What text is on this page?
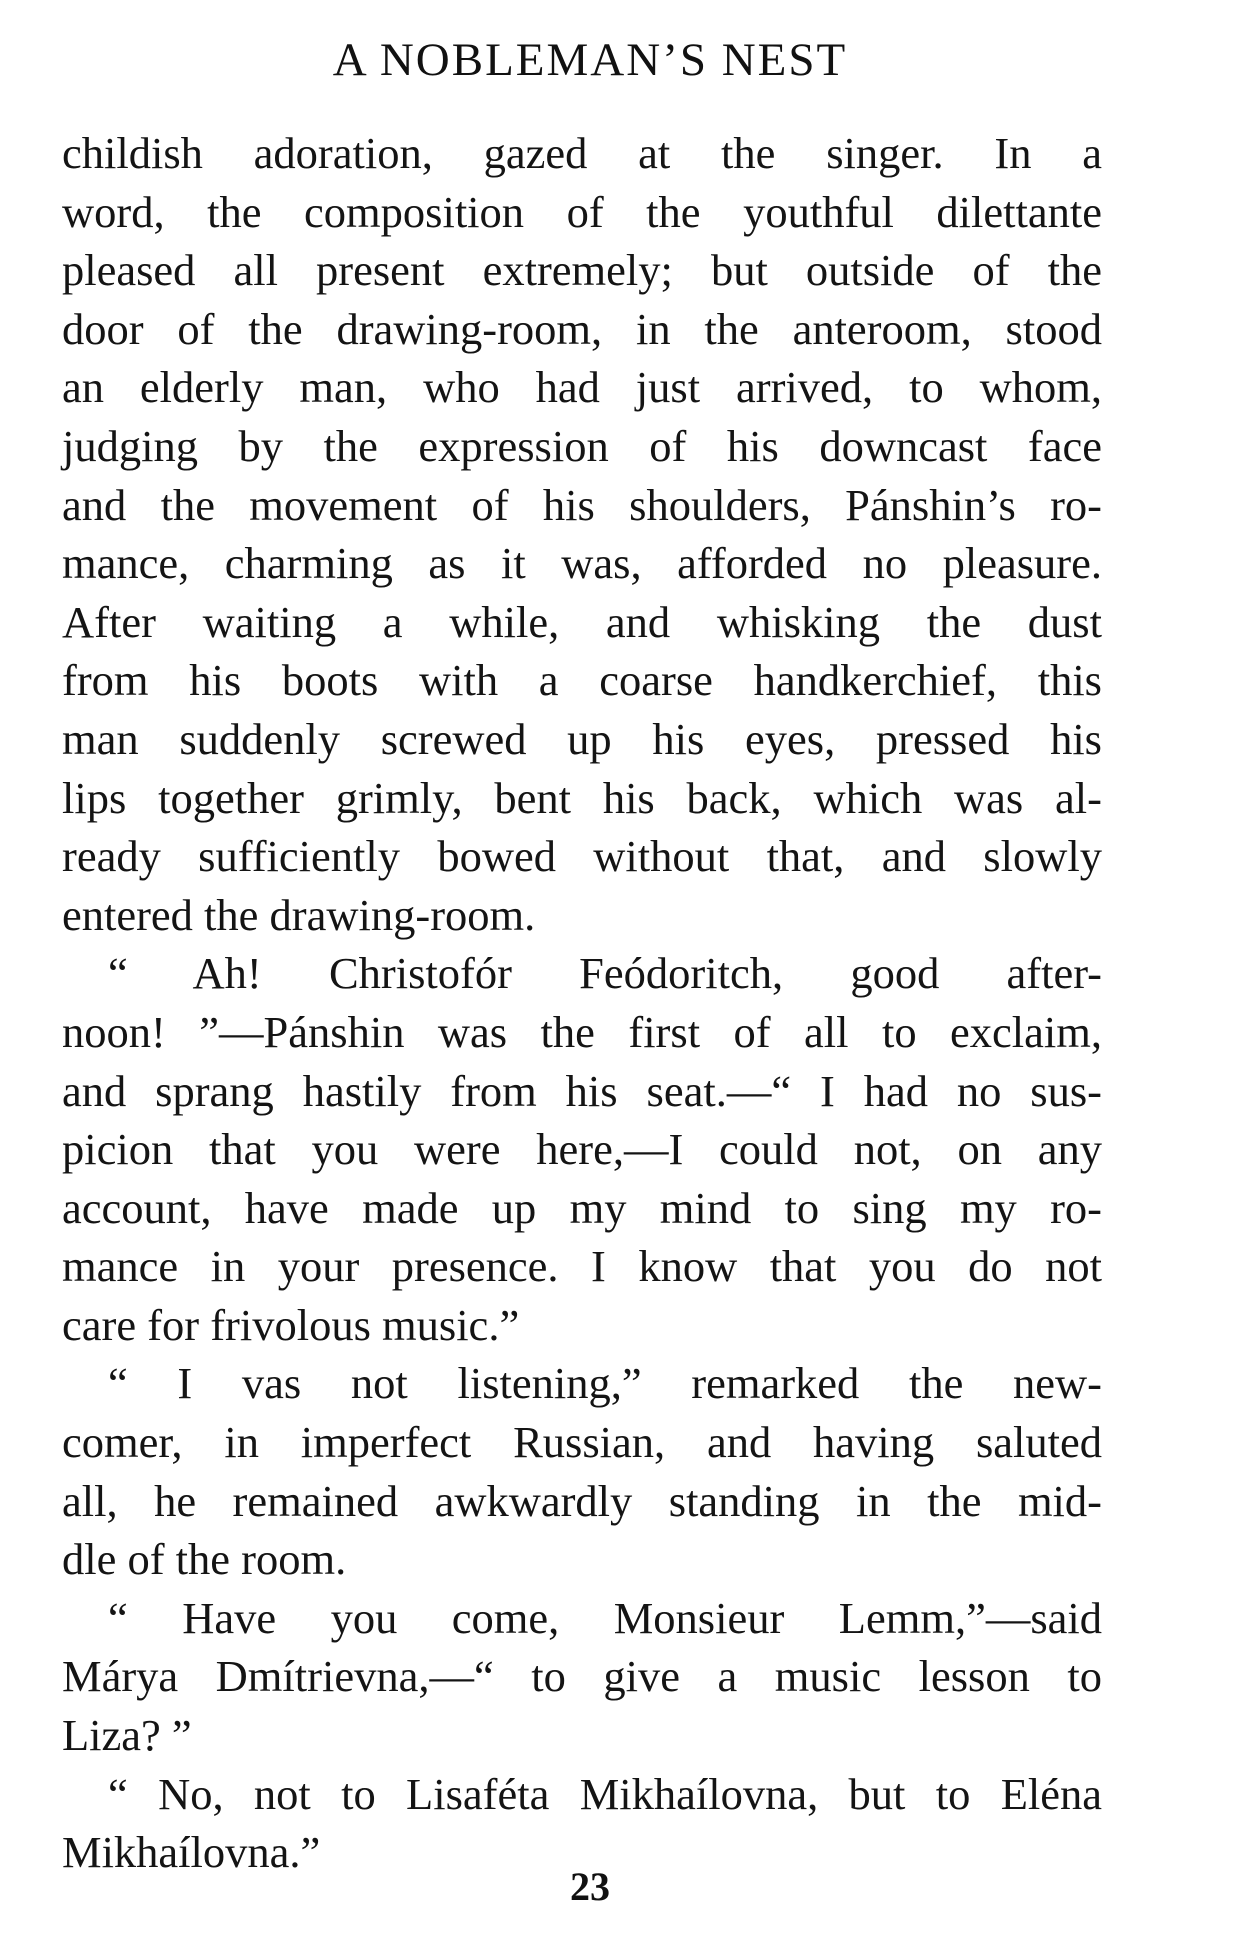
A NOBLEMAN’S NEST
childish adoration, gazed at the singer. In a
word, the composition of the youthful dilettante
pleased all present extremely; but outside of the
door of the drawing-room, in the anteroom, stood
an elderly man, who had just arrived, to whom,
judging by the expression of his downcast face
and the movement of his shoulders, Pánshin’s ro-
mance, charming as it was, afforded no pleasure.
After waiting a while, and whisking the dust
from his boots with a coarse handkerchief, this
man suddenly screwed up his eyes, pressed his
lips together grimly, bent his back, which was al-
ready sufficiently bowed without that, and slowly
entered the drawing-room.
“ Ah! Christofór Feódoritch, good after-
noon! ”—Pánshin was the first of all to exclaim,
and sprang hastily from his seat.—“ I had no sus-
picion that you were here,—I could not, on any
account, have made up my mind to sing my ro-
mance in your presence. I know that you do not
care for frivolous music.”
“ I vas not listening,” remarked the new-
comer, in imperfect Russian, and having saluted
all, he remained awkwardly standing in the mid-
dle of the room.
“ Have you come, Monsieur Lemm,”—said
Márya Dmítrievna,—“ to give a music lesson to
Liza? ”
“ No, not to Lisaféta Mikhaílovna, but to Eléna
Mikhaílovna.”
23
